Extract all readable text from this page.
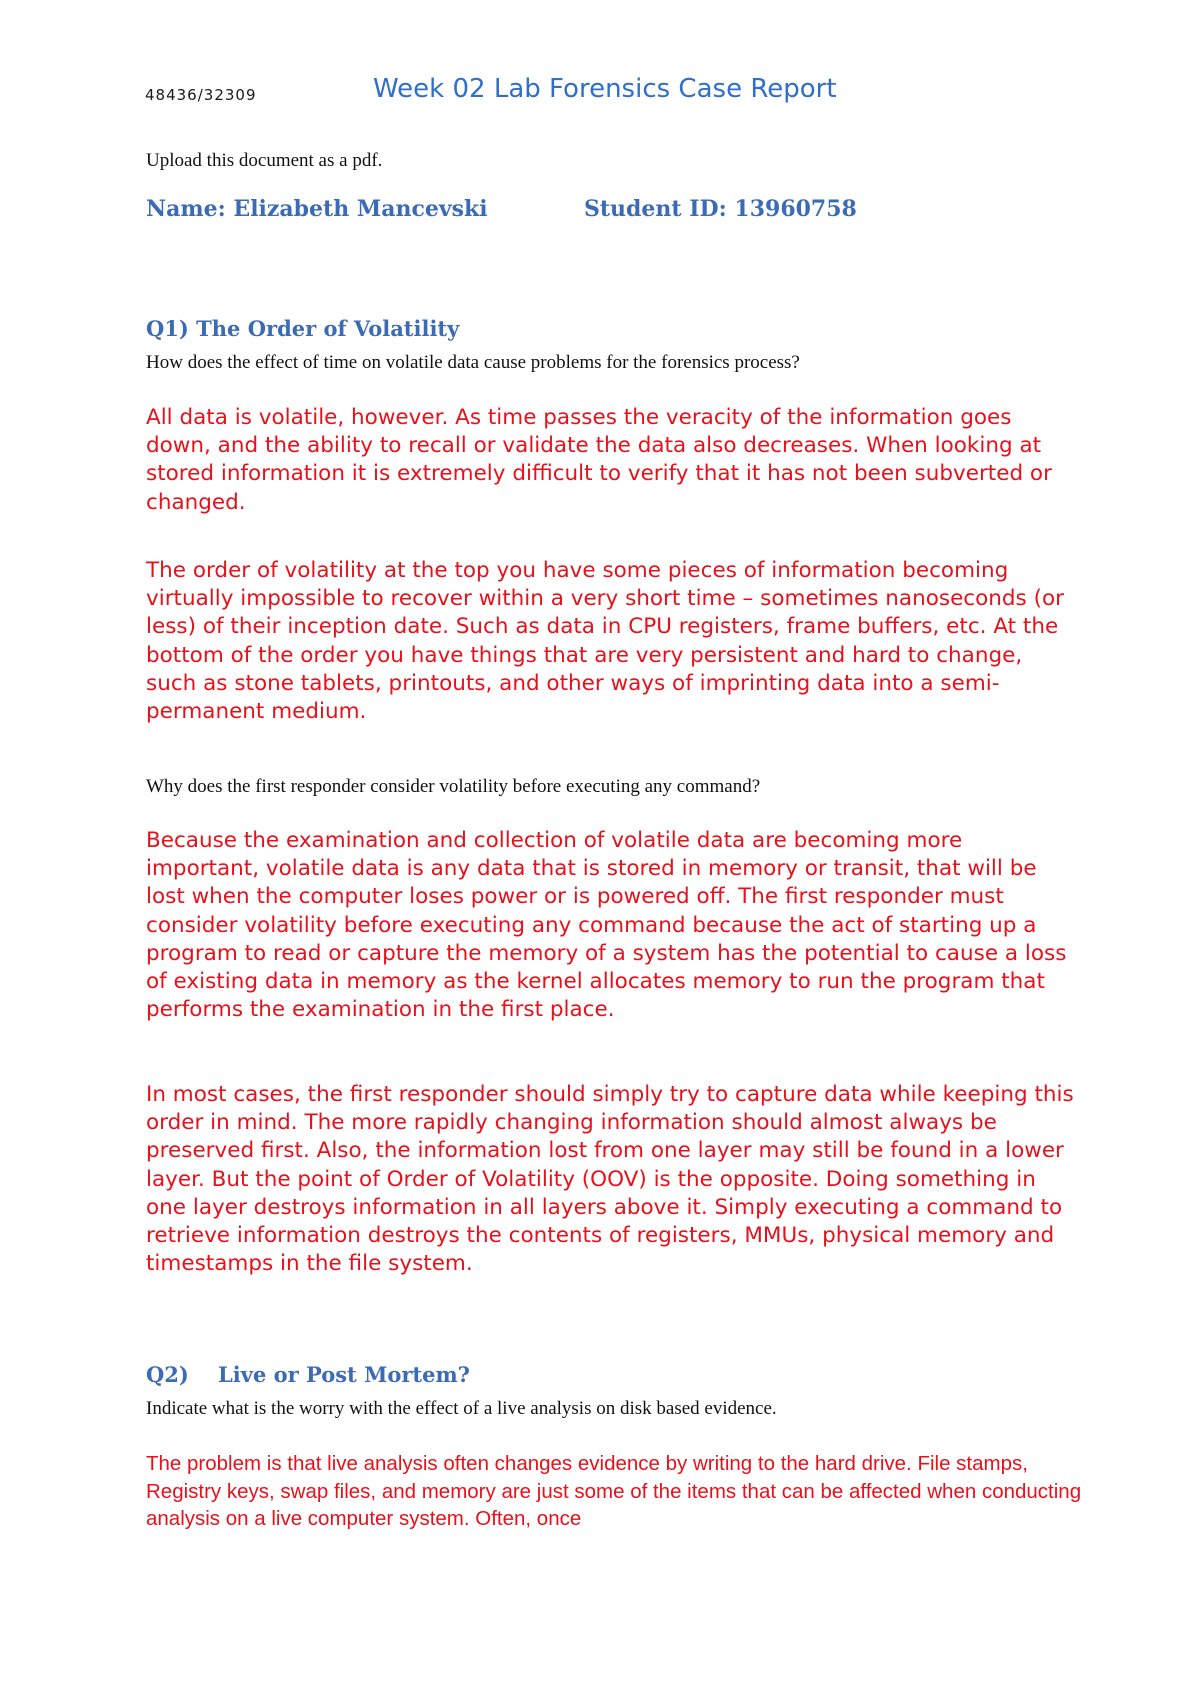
48436/32309	Week 02 Lab Forensics Case Report
Upload this document as a pdf.
Name: Elizabeth Mancevski	Student ID: 13960758
Q1) The Order of Volatility
How does the effect of time on volatile data cause problems for the forensics process?

All data is volatile, however. As time passes the veracity of the information goes down, and the ability to recall or validate the data also decreases. When looking at stored information it is extremely difficult to verify that it has not been subverted or changed.

The order of volatility at the top you have some pieces of information becoming virtually impossible to recover within a very short time – sometimes nanoseconds (or less) of their inception date. Such as data in CPU registers, frame buffers, etc. At the bottom of the order you have things that are very persistent and hard to change, such as stone tablets, printouts, and other ways of imprinting data into a semi-permanent medium.

Why does the first responder consider volatility before executing any command?

Because the examination and collection of volatile data are becoming more important, volatile data is any data that is stored in memory or transit, that will be lost when the computer loses power or is powered off. The first responder must consider volatility before executing any command because the act of starting up a program to read or capture the memory of a system has the potential to cause a loss of existing data in memory as the kernel allocates memory to run the program that performs the examination in the first place.

In most cases, the first responder should simply try to capture data while keeping this order in mind. The more rapidly changing information should almost always be preserved first. Also, the information lost from one layer may still be found in a lower layer. But the point of Order of Volatility (OOV) is the opposite. Doing something in one layer destroys information in all layers above it. Simply executing a command to retrieve information destroys the contents of registers, MMUs, physical memory and timestamps in the file system.

Q2) Live or Post Mortem?
Indicate what is the worry with the effect of a live analysis on disk based evidence.

The problem is that live analysis often changes evidence by writing to the hard drive. File stamps, Registry keys, swap files, and memory are just some of the items that can be affected when conducting analysis on a live computer system. Often, once
